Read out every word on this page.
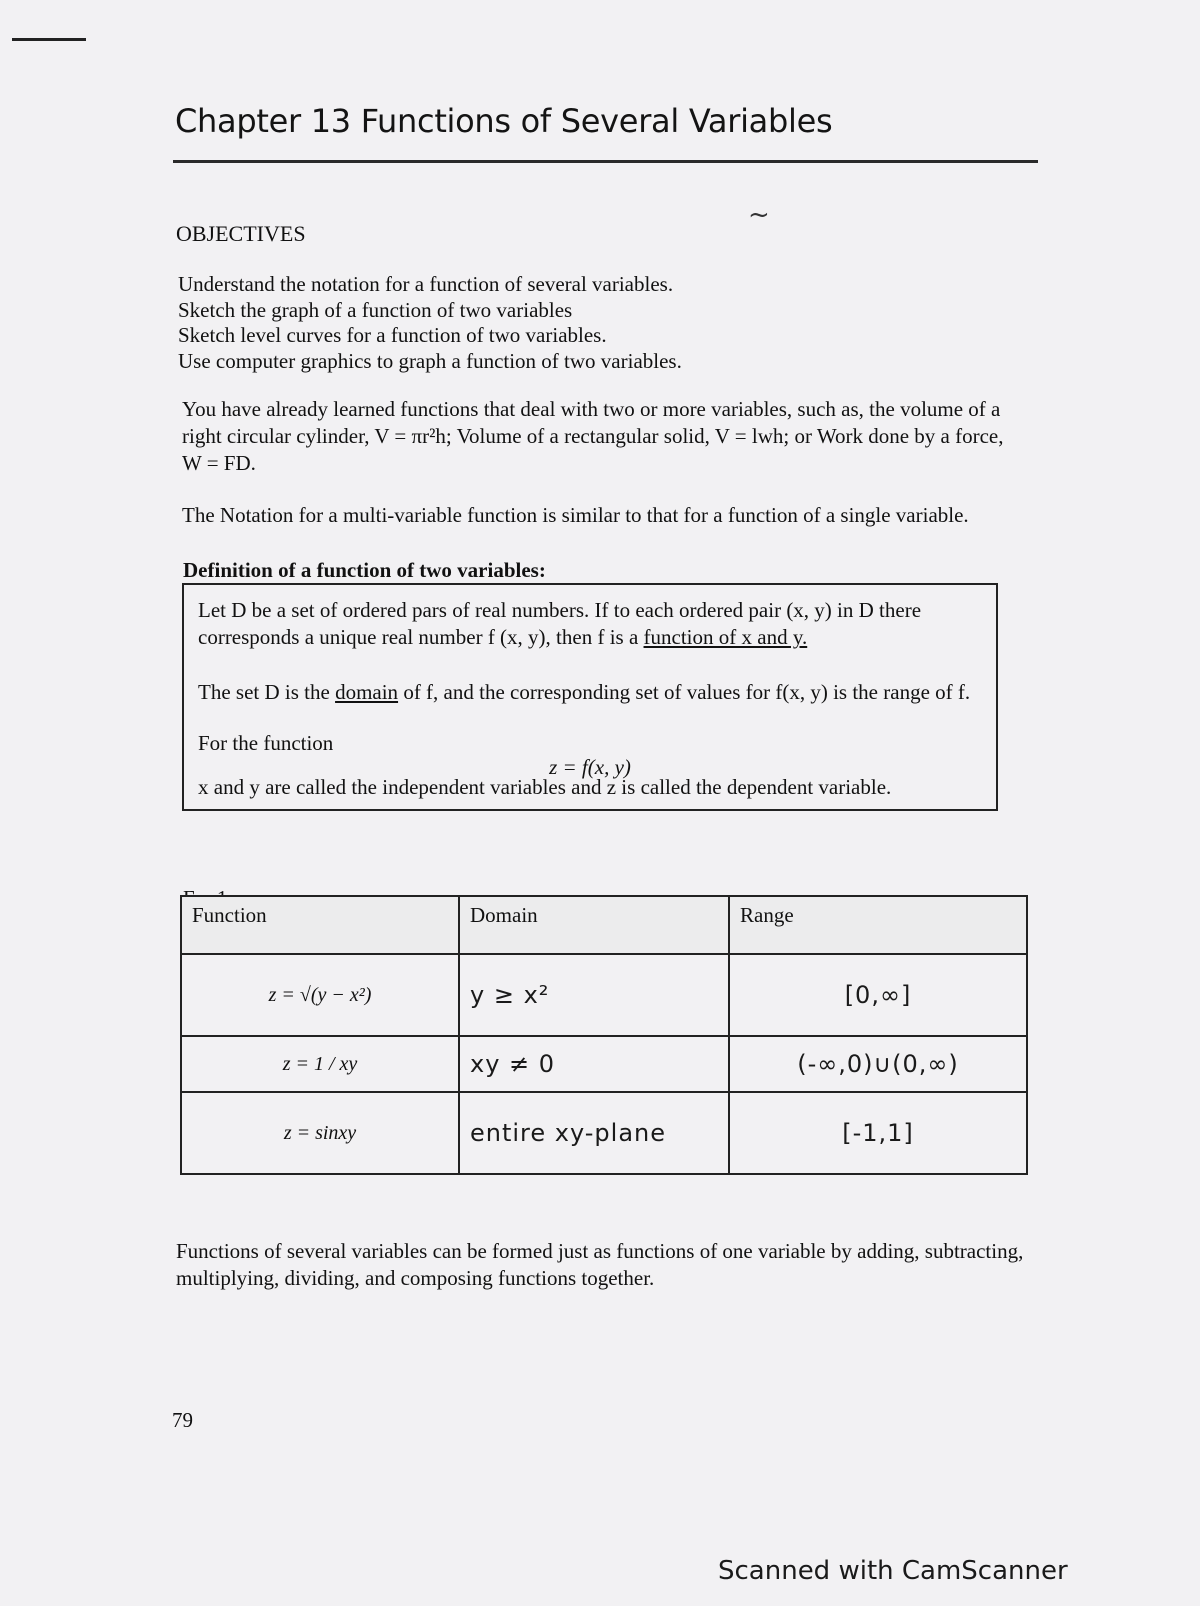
Chapter 13 Functions of Several Variables
~
OBJECTIVES
Understand the notation for a function of several variables.
Sketch the graph of a function of two variables
Sketch level curves for a function of two variables.
Use computer graphics to graph a function of two variables.
You have already learned functions that deal with two or more variables, such as, the volume of a right circular cylinder, V = πr²h; Volume of a rectangular solid, V = lwh; or Work done by a force, W = FD.
The Notation for a multi-variable function is similar to that for a function of a single variable.
Definition of a function of two variables:
Let D be a set of ordered pars of real numbers. If to each ordered pair (x, y) in D there corresponds a unique real number f (x, y), then f is a function of x and y.
The set D is the domain of f, and the corresponding set of values for f(x, y) is the range of f.
For the function
z = f(x, y)
x and y are called the independent variables and z is called the dependent variable.
Function	Domain	Range
z = √(y − x²)	y ≥ x²	[0,∞]
z = 1 / xy	xy ≠ 0	(-∞,0)∪(0,∞)
z = sinxy	entire xy-plane	[-1,1]
Functions of several variables can be formed just as functions of one variable by adding, subtracting, multiplying, dividing, and composing functions together.
79
Scanned with CamScanner
